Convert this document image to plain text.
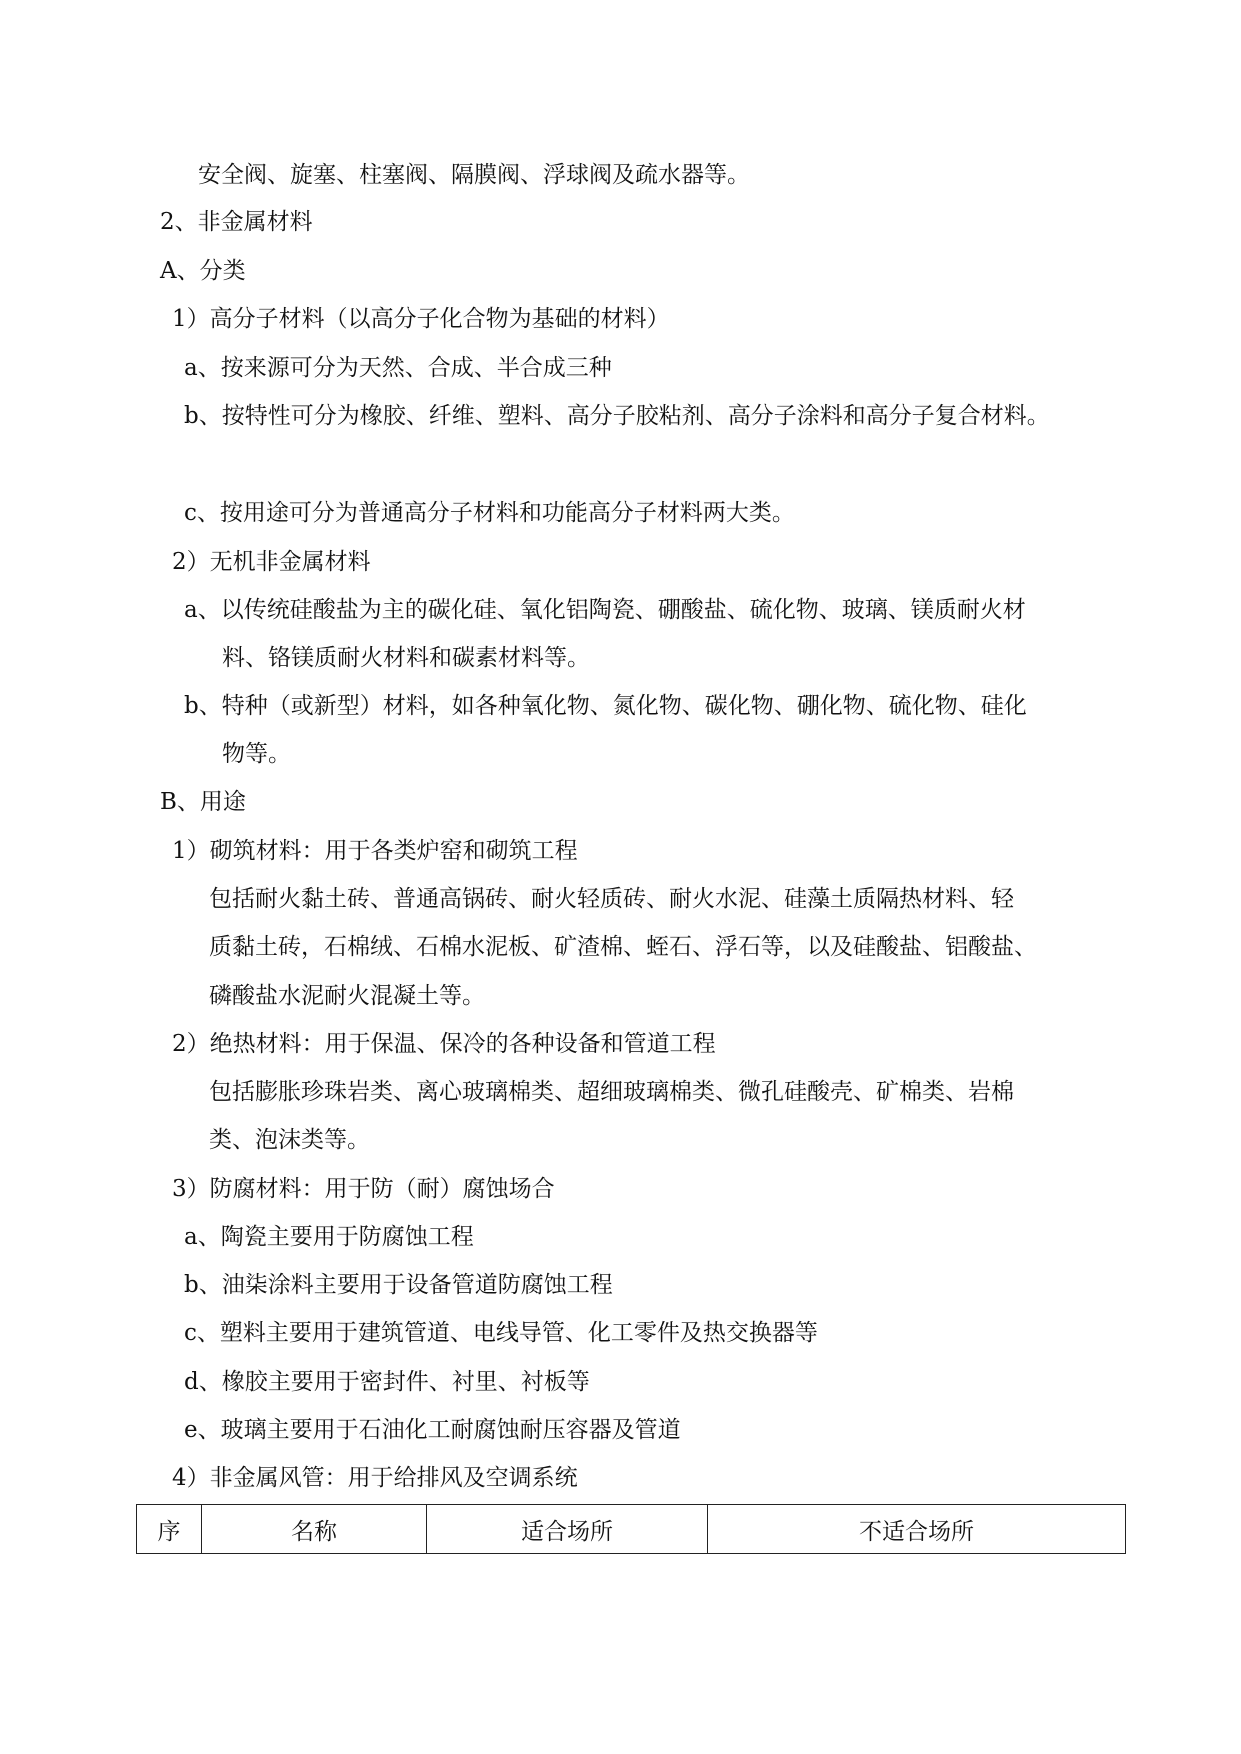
安全阀、旋塞、柱塞阀、隔膜阀、浮球阀及疏水器等。
2、非金属材料
A、分类
1）高分子材料（以高分子化合物为基础的材料）
a、按来源可分为天然、合成、半合成三种
b、按特性可分为橡胶、纤维、塑料、高分子胶粘剂、高分子涂料和高分子复合材料。
c、按用途可分为普通高分子材料和功能高分子材料两大类。
2）无机非金属材料
a、以传统硅酸盐为主的碳化硅、氧化铝陶瓷、硼酸盐、硫化物、玻璃、镁质耐火材
料、铬镁质耐火材料和碳素材料等。
b、特种（或新型）材料，如各种氧化物、氮化物、碳化物、硼化物、硫化物、硅化
物等。
B、用途
1）砌筑材料：用于各类炉窑和砌筑工程
包括耐火黏土砖、普通高锅砖、耐火轻质砖、耐火水泥、硅藻土质隔热材料、轻
质黏土砖，石棉绒、石棉水泥板、矿渣棉、蛭石、浮石等，以及硅酸盐、铝酸盐、
磷酸盐水泥耐火混凝土等。
2）绝热材料：用于保温、保冷的各种设备和管道工程
包括膨胀珍珠岩类、离心玻璃棉类、超细玻璃棉类、微孔硅酸壳、矿棉类、岩棉
类、泡沫类等。
3）防腐材料：用于防（耐）腐蚀场合
a、陶瓷主要用于防腐蚀工程
b、油柒涂料主要用于设备管道防腐蚀工程
c、塑料主要用于建筑管道、电线导管、化工零件及热交换器等
d、橡胶主要用于密封件、衬里、衬板等
e、玻璃主要用于石油化工耐腐蚀耐压容器及管道
4）非金属风管：用于给排风及空调系统
序	名称	适合场所	不适合场所
